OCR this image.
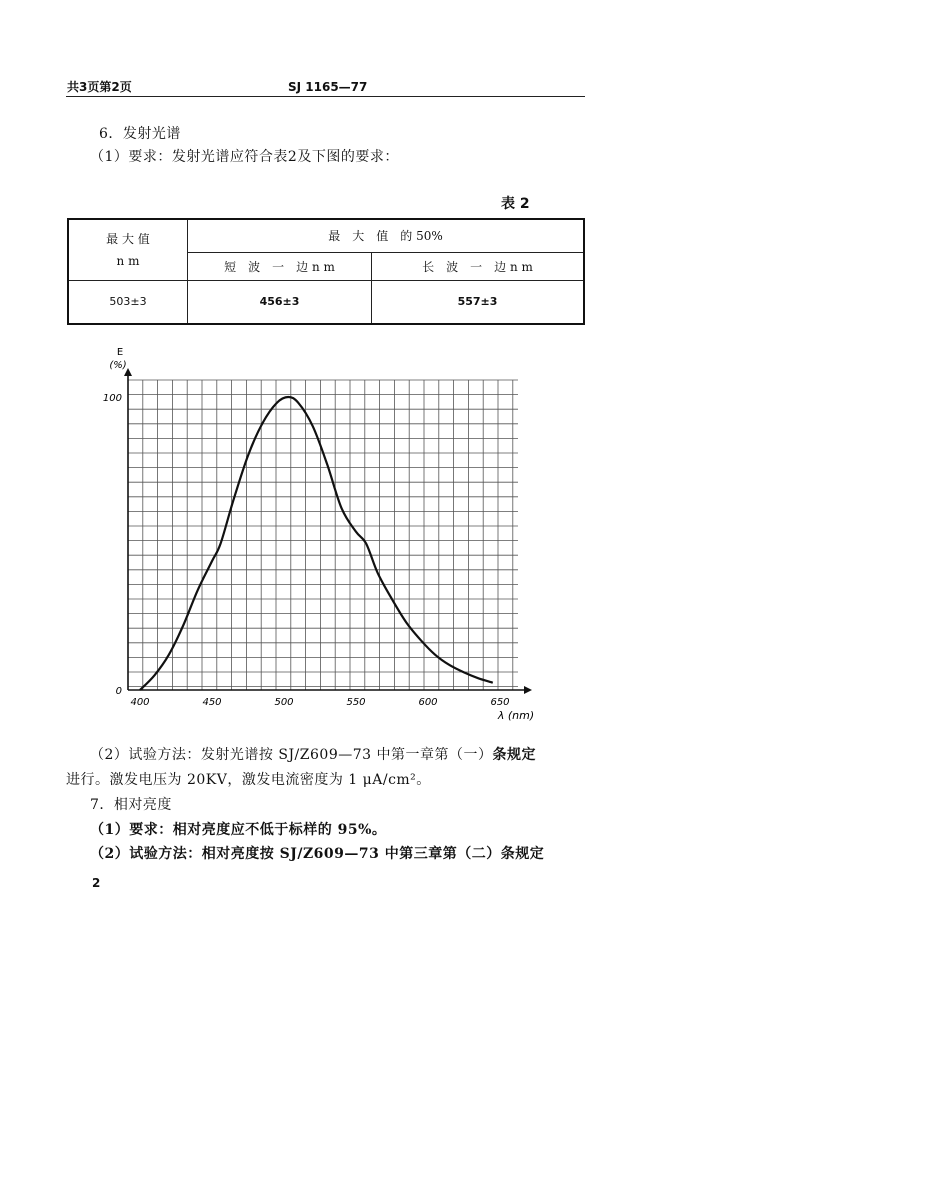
共3页第2页	SJ 1165—77
6．发射光谱
（1）要求：发射光谱应符合表2及下图的要求：
表 2
最 大 值
n m	最　大　值　的 50%	
	短　波　一　边 n m	长　波　一　边 n m
503±3	456±3	557±3
400	450	500	550	600	650
0
100
E
(%)
λ (nm)
（2）试验方法：发射光谱按 SJ/Z609—73 中第一章第（一）条规定
进行。激发电压为 20KV，激发电流密度为 1 μA/cm²。
7．相对亮度
（1）要求：相对亮度应不低于标样的 95%。
（2）试验方法：相对亮度按 SJ/Z609—73 中第三章第（二）条规定
2
